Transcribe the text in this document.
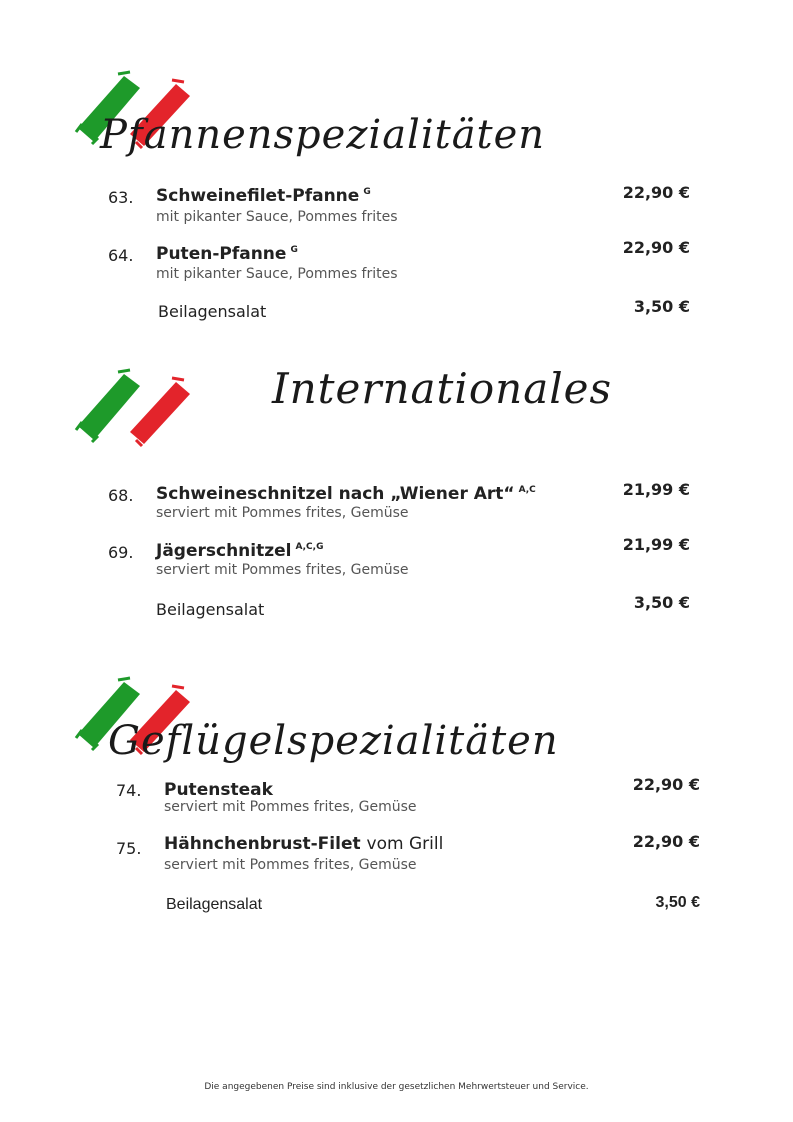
Pfannenspezialitäten
63. Schweinefilet-Pfanne $^G$
mit pikanter Sauce, Pommes frites
22,90 €
64. Puten-Pfanne $^G$
mit pikanter Sauce, Pommes frites
22,90 €
Beilagensalat	3,50 €
Internationales
68. Schweineschnitzel nach „Wiener Art“ $^{A,C}$
serviert mit Pommes frites, Gemüse
21,99 €
69. Jägerschnitzel $^{A,C,G}$
serviert mit Pommes frites, Gemüse
21,99 €
Beilagensalat	3,50 €
Geflügelspezialitäten
74. Putensteak
serviert mit Pommes frites, Gemüse
22,90 €
75. Hähnchenbrust-Filet vom Grill
serviert mit Pommes frites, Gemüse
22,90 €
Beilagensalat	3,50 €
Die angegebenen Preise sind inklusive der gesetzlichen Mehrwertsteuer und Service.
